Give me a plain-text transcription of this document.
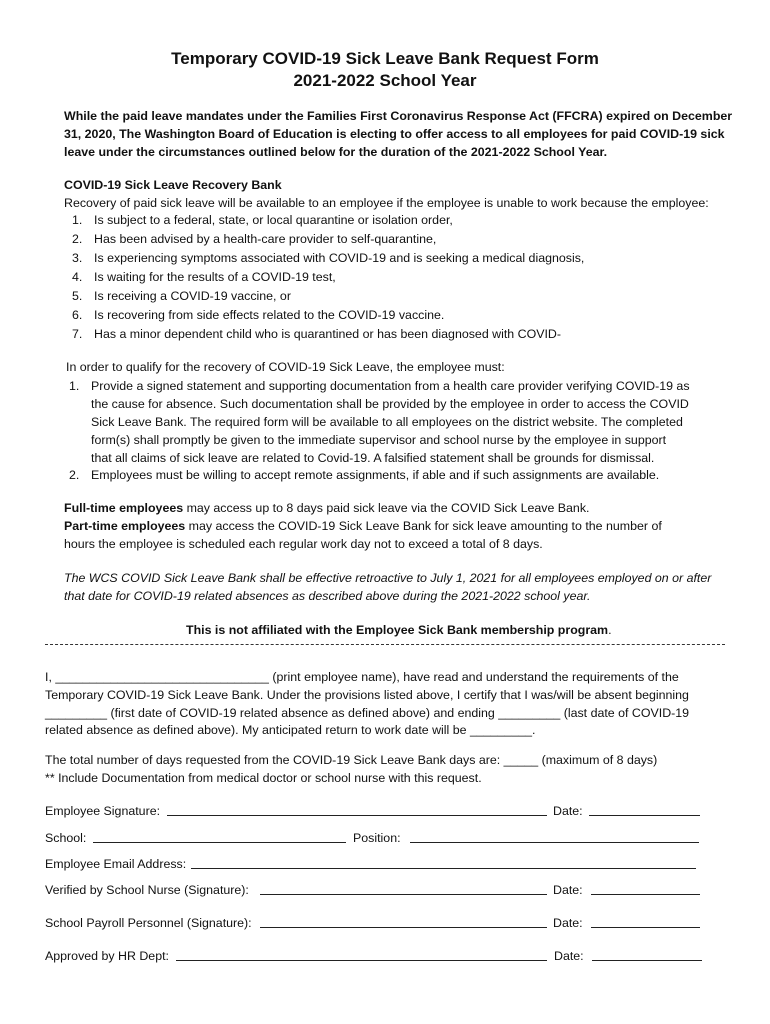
Temporary COVID-19 Sick Leave Bank Request Form
2021-2022 School Year
While the paid leave mandates under the Families First Coronavirus Response Act (FFCRA) expired on December
31, 2020, The Washington Board of Education is electing to offer access to all employees for paid COVID-19 sick
leave under the circumstances outlined below for the duration of the 2021-2022 School Year.
COVID-19 Sick Leave Recovery Bank
Recovery of paid sick leave will be available to an employee if the employee is unable to work because the employee:
1. Is subject to a federal, state, or local quarantine or isolation order,
2. Has been advised by a health-care provider to self-quarantine,
3. Is experiencing symptoms associated with COVID-19 and is seeking a medical diagnosis,
4. Is waiting for the results of a COVID-19 test,
5. Is receiving a COVID-19 vaccine, or
6. Is recovering from side effects related to the COVID-19 vaccine.
7. Has a minor dependent child who is quarantined or has been diagnosed with COVID-
In order to qualify for the recovery of COVID-19 Sick Leave, the employee must:
1. Provide a signed statement and supporting documentation from a health care provider verifying COVID-19 as
the cause for absence. Such documentation shall be provided by the employee in order to access the COVID
Sick Leave Bank. The required form will be available to all employees on the district website. The completed
form(s) shall promptly be given to the immediate supervisor and school nurse by the employee in support
that all claims of sick leave are related to Covid-19. A falsified statement shall be grounds for dismissal.
2. Employees must be willing to accept remote assignments, if able and if such assignments are available.
Full-time employees may access up to 8 days paid sick leave via the COVID Sick Leave Bank.
Part-time employees may access the COVID-19 Sick Leave Bank for sick leave amounting to the number of
hours the employee is scheduled each regular work day not to exceed a total of 8 days.
The WCS COVID Sick Leave Bank shall be effective retroactive to July 1, 2021 for all employees employed on or after
that date for COVID-19 related absences as described above during the 2021-2022 school year.
This is not affiliated with the Employee Sick Bank membership program.
I, _______________________________ (print employee name), have read and understand the requirements of the
Temporary COVID-19 Sick Leave Bank. Under the provisions listed above, I certify that I was/will be absent beginning
_________ (first date of COVID-19 related absence as defined above) and ending _________ (last date of COVID-19
related absence as defined above). My anticipated return to work date will be _________.
The total number of days requested from the COVID-19 Sick Leave Bank days are: _____ (maximum of 8 days)
** Include Documentation from medical doctor or school nurse with this request.
Employee Signature:	Date:
School:	Position:
Employee Email Address:
Verified by School Nurse (Signature):	Date:
School Payroll Personnel (Signature):	Date:
Approved by HR Dept:	Date:
